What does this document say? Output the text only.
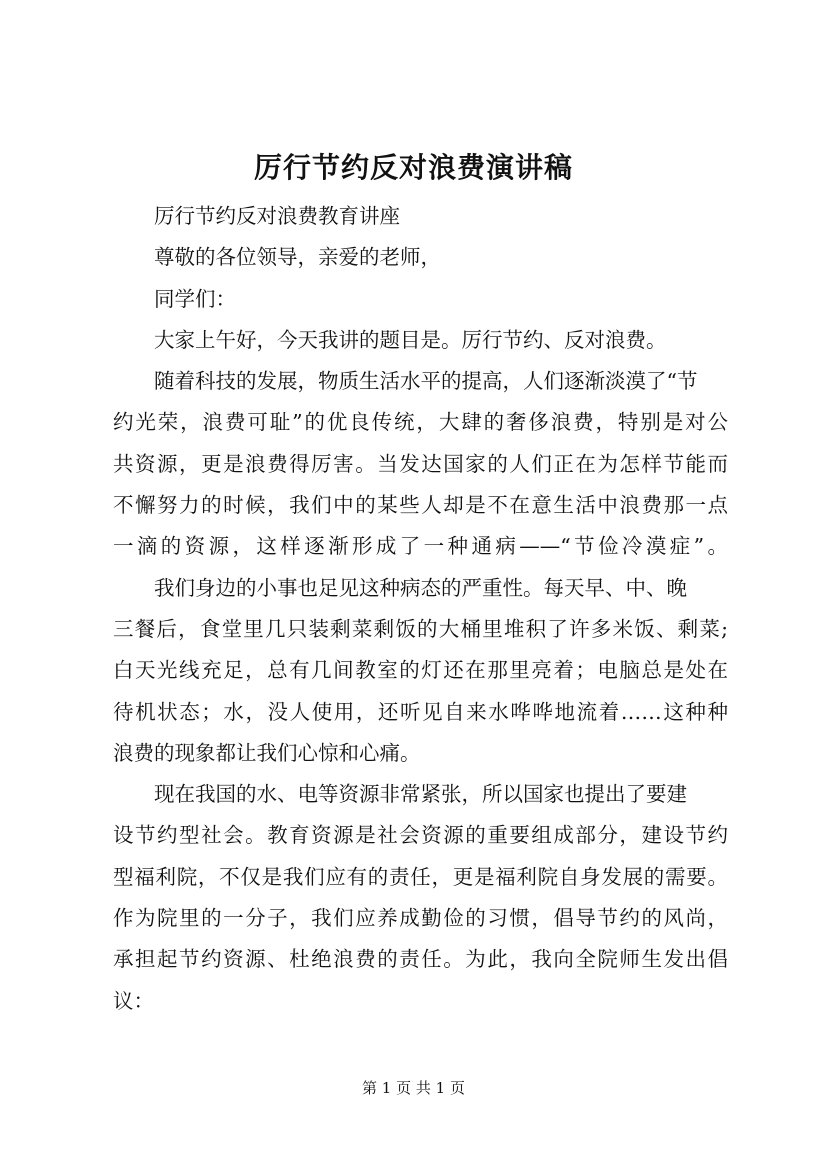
厉行节约反对浪费演讲稿
厉行节约反对浪费教育讲座
尊敬的各位领导，亲爱的老师，
同学们：
大家上午好，今天我讲的题目是。厉行节约、反对浪费。
随着科技的发展，物质生活水平的提高，人们逐渐淡漠了“节
约光荣，浪费可耻”的优良传统，大肆的奢侈浪费，特别是对公
共资源，更是浪费得厉害。当发达国家的人们正在为怎样节能而
不懈努力的时候，我们中的某些人却是不在意生活中浪费那一点
一滴的资源，这样逐渐形成了一种通病——“节俭冷漠症”。
我们身边的小事也足见这种病态的严重性。每天早、中、晚
三餐后，食堂里几只装剩菜剩饭的大桶里堆积了许多米饭、剩菜;
白天光线充足，总有几间教室的灯还在那里亮着；电脑总是处在
待机状态；水，没人使用，还听见自来水哗哗地流着……这种种
浪费的现象都让我们心惊和心痛。
现在我国的水、电等资源非常紧张，所以国家也提出了要建
设节约型社会。教育资源是社会资源的重要组成部分，建设节约
型福利院，不仅是我们应有的责任，更是福利院自身发展的需要。
作为院里的一分子，我们应养成勤俭的习惯，倡导节约的风尚，
承担起节约资源、杜绝浪费的责任。为此，我向全院师生发出倡
议：
第 1 页 共 1 页
